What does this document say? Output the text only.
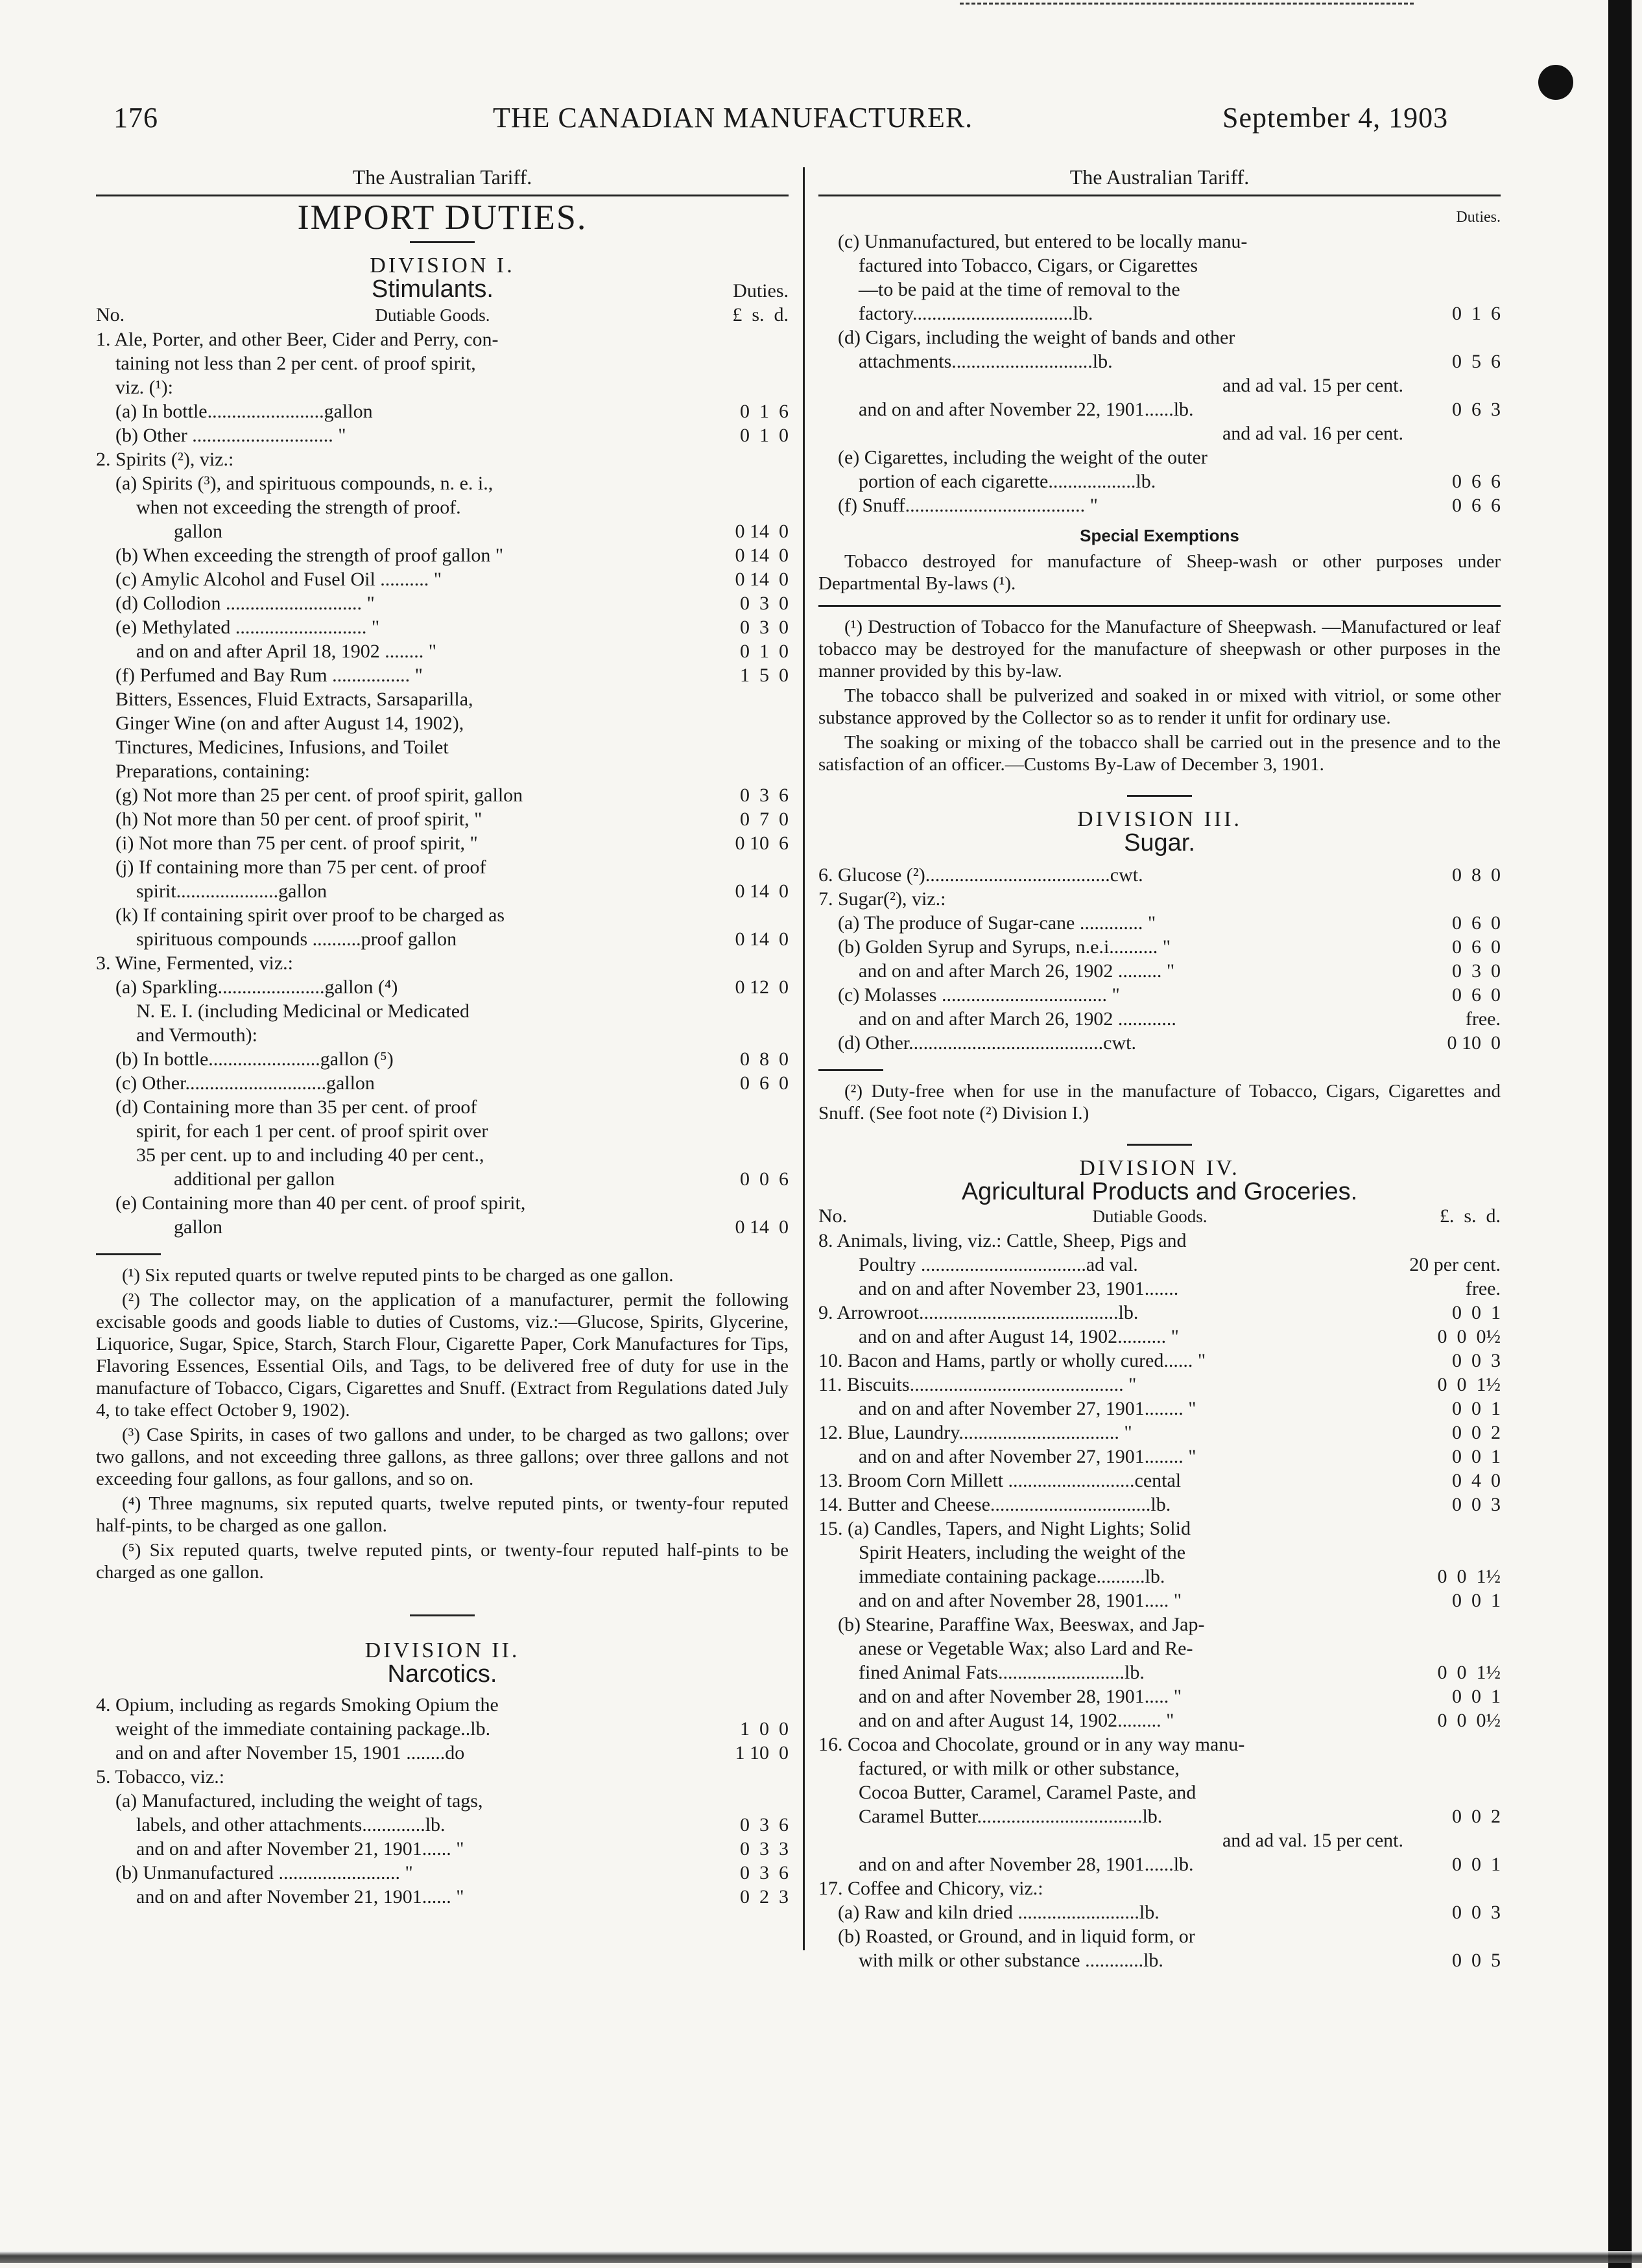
176	THE CANADIAN MANUFACTURER.	September 4, 1903
The Australian Tariff.
IMPORT DUTIES.
DIVISION I.
Stimulants.	Duties.
No.	Dutiable Goods.	£  s.  d.
1. Ale, Porter, and other Beer, Cider and Perry, con-
taining not less than 2 per cent. of proof spirit,
viz. (¹):
(a) In bottle........................gallon	0  1  6
(b) Other ............................. "	0  1  0
2. Spirits (²), viz.:
(a) Spirits (³), and spirituous compounds, n. e. i.,
when not exceeding the strength of proof.
gallon	0 14  0
(b) When exceeding the strength of proof gallon "	0 14  0
(c) Amylic Alcohol and Fusel Oil .......... "	0 14  0
(d) Collodion ............................ "	0  3  0
(e) Methylated ........................... "	0  3  0
and on and after April 18, 1902 ........ "	0  1  0
(f) Perfumed and Bay Rum ................ "	1  5  0
Bitters, Essences, Fluid Extracts, Sarsaparilla,
Ginger Wine (on and after August 14, 1902),
Tinctures, Medicines, Infusions, and Toilet
Preparations, containing:
(g) Not more than 25 per cent. of proof spirit, gallon	0  3  6
(h) Not more than 50 per cent. of proof spirit, "	0  7  0
(i) Not more than 75 per cent. of proof spirit, "	0 10  6
(j) If containing more than 75 per cent. of proof
spirit.....................gallon	0 14  0
(k) If containing spirit over proof to be charged as
spirituous compounds ..........proof gallon	0 14  0
3. Wine, Fermented, viz.:
(a) Sparkling......................gallon (⁴)	0 12  0
N. E. I. (including Medicinal or Medicated
and Vermouth):
(b) In bottle.......................gallon (⁵)	0  8  0
(c) Other.............................gallon	0  6  0
(d) Containing more than 35 per cent. of proof
spirit, for each 1 per cent. of proof spirit over
35 per cent. up to and including 40 per cent.,
additional per gallon	0  0  6
(e) Containing more than 40 per cent. of proof spirit,
gallon	0 14  0
(¹) Six reputed quarts or twelve reputed pints to be charged as one gallon.
(²) The collector may, on the application of a manufacturer, permit the following excisable goods and goods liable to duties of Customs, viz.:—Glucose, Spirits, Glycerine, Liquorice, Sugar, Spice, Starch, Starch Flour, Cigarette Paper, Cork Manufactures for Tips, Flavoring Essences, Essential Oils, and Tags, to be delivered free of duty for use in the manufacture of Tobacco, Cigars, Cigarettes and Snuff. (Extract from Regulations dated July 4, to take effect October 9, 1902).
(³) Case Spirits, in cases of two gallons and under, to be charged as two gallons; over two gallons, and not exceeding three gallons, as three gallons; over three gallons and not exceeding four gallons, as four gallons, and so on.
(⁴) Three magnums, six reputed quarts, twelve reputed pints, or twenty-four reputed half-pints, to be charged as one gallon.
(⁵) Six reputed quarts, twelve reputed pints, or twenty-four reputed half-pints to be charged as one gallon.
DIVISION II.
Narcotics.
4. Opium, including as regards Smoking Opium the
weight of the immediate containing package..lb.	1  0  0
and on and after November 15, 1901 ........do	1 10  0
5. Tobacco, viz.:
(a) Manufactured, including the weight of tags,
labels, and other attachments.............lb.	0  3  6
and on and after November 21, 1901...... "	0  3  3
(b) Unmanufactured ......................... "	0  3  6
and on and after November 21, 1901...... "	0  2  3
The Australian Tariff.
Duties.
(c) Unmanufactured, but entered to be locally manu-
factured into Tobacco, Cigars, or Cigarettes
—to be paid at the time of removal to the
factory.................................lb.	0  1  6
(d) Cigars, including the weight of bands and other
attachments.............................lb.	0  5  6
and ad val. 15 per cent.
and on and after November 22, 1901......lb.	0  6  3
and ad val. 16 per cent.
(e) Cigarettes, including the weight of the outer
portion of each cigarette..................lb.	0  6  6
(f) Snuff..................................... "	0  6  6
Special Exemptions
Tobacco destroyed for manufacture of Sheep-wash or other purposes under Departmental By-laws (¹).
(¹) Destruction of Tobacco for the Manufacture of Sheepwash. —Manufactured or leaf tobacco may be destroyed for the manufacture of sheepwash or other purposes in the manner provided by this by-law.
The tobacco shall be pulverized and soaked in or mixed with vitriol, or some other substance approved by the Collector so as to render it unfit for ordinary use.
The soaking or mixing of the tobacco shall be carried out in the presence and to the satisfaction of an officer.—Customs By-Law of December 3, 1901.
DIVISION III.
Sugar.
6. Glucose (²)......................................cwt.	0  8  0
7. Sugar(²), viz.:
(a) The produce of Sugar-cane ............. "	0  6  0
(b) Golden Syrup and Syrups, n.e.i.......... "	0  6  0
and on and after March 26, 1902 ......... "	0  3  0
(c) Molasses .................................. "	0  6  0
and on and after March 26, 1902 ............	free.
(d) Other........................................cwt.	0 10  0
(²) Duty-free when for use in the manufacture of Tobacco, Cigars, Cigarettes and Snuff. (See foot note (²) Division I.)
DIVISION IV.
Agricultural Products and Groceries.
No.	Dutiable Goods.	£.  s.  d.
8. Animals, living, viz.: Cattle, Sheep, Pigs and
Poultry ..................................ad val.	20 per cent.
and on and after November 23, 1901.......	free.
9. Arrowroot.........................................lb.	0  0  1
and on and after August 14, 1902.......... "	0  0  0½
10. Bacon and Hams, partly or wholly cured...... "	0  0  3
11. Biscuits............................................ "	0  0  1½
and on and after November 27, 1901........ "	0  0  1
12. Blue, Laundry................................. "	0  0  2
and on and after November 27, 1901........ "	0  0  1
13. Broom Corn Millett ..........................cental	0  4  0
14. Butter and Cheese.................................lb.	0  0  3
15. (a) Candles, Tapers, and Night Lights; Solid
Spirit Heaters, including the weight of the
immediate containing package..........lb.	0  0  1½
and on and after November 28, 1901..... "	0  0  1
(b) Stearine, Paraffine Wax, Beeswax, and Jap-
anese or Vegetable Wax; also Lard and Re-
fined Animal Fats..........................lb.	0  0  1½
and on and after November 28, 1901..... "	0  0  1
and on and after August 14, 1902......... "	0  0  0½
16. Cocoa and Chocolate, ground or in any way manu-
factured, or with milk or other substance,
Cocoa Butter, Caramel, Caramel Paste, and
Caramel Butter..................................lb.	0  0  2
and ad val. 15 per cent.
and on and after November 28, 1901......lb.	0  0  1
17. Coffee and Chicory, viz.:
(a) Raw and kiln dried .........................lb.	0  0  3
(b) Roasted, or Ground, and in liquid form, or
with milk or other substance ............lb.	0  0  5
